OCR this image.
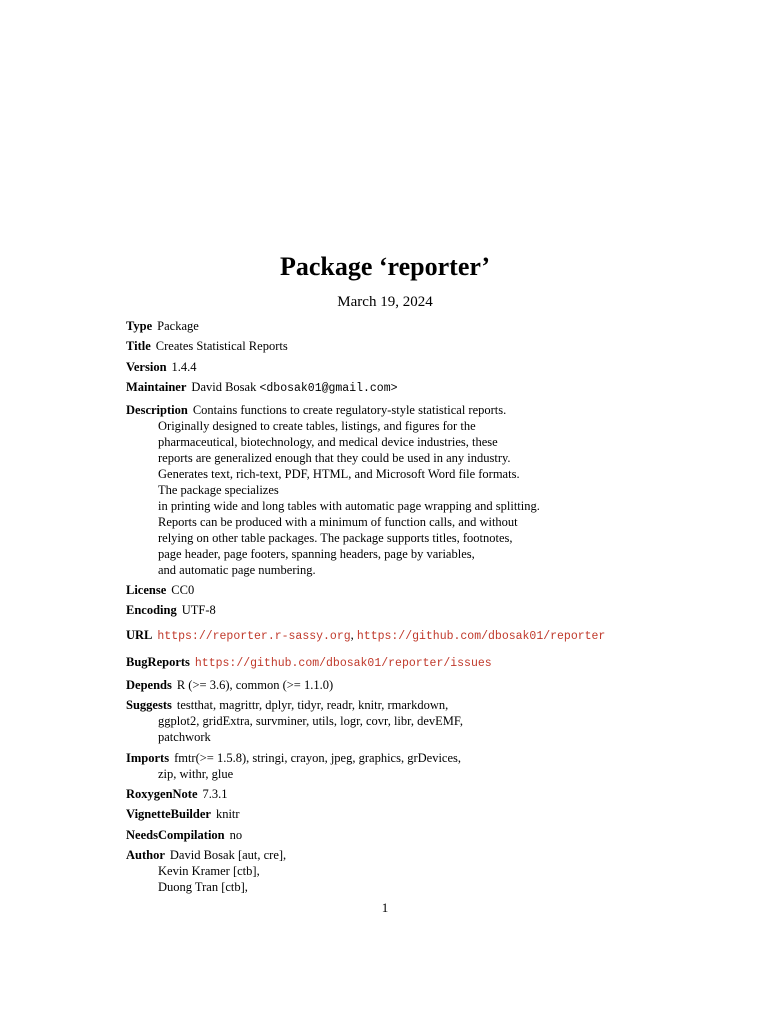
Package ‘reporter’
March 19, 2024
Type Package
Title Creates Statistical Reports
Version 1.4.4
Maintainer David Bosak <dbosak01@gmail.com>
Description Contains functions to create regulatory-style statistical reports.
Originally designed to create tables, listings, and figures for the
pharmaceutical, biotechnology, and medical device industries, these
reports are generalized enough that they could be used in any industry.
Generates text, rich-text, PDF, HTML, and Microsoft Word file formats.
The package specializes
in printing wide and long tables with automatic page wrapping and splitting.
Reports can be produced with a minimum of function calls, and without
relying on other table packages. The package supports titles, footnotes,
page header, page footers, spanning headers, page by variables,
and automatic page numbering.
License CC0
Encoding UTF-8
URL https://reporter.r-sassy.org, https://github.com/dbosak01/reporter
BugReports https://github.com/dbosak01/reporter/issues
Depends R (>= 3.6), common (>= 1.1.0)
Suggests testthat, magrittr, dplyr, tidyr, readr, knitr, rmarkdown,
ggplot2, gridExtra, survminer, utils, logr, covr, libr, devEMF,
patchwork
Imports fmtr(>= 1.5.8), stringi, crayon, jpeg, graphics, grDevices,
zip, withr, glue
RoxygenNote 7.3.1
VignetteBuilder knitr
NeedsCompilation no
Author David Bosak [aut, cre],
Kevin Kramer [ctb],
Duong Tran [ctb],
1
